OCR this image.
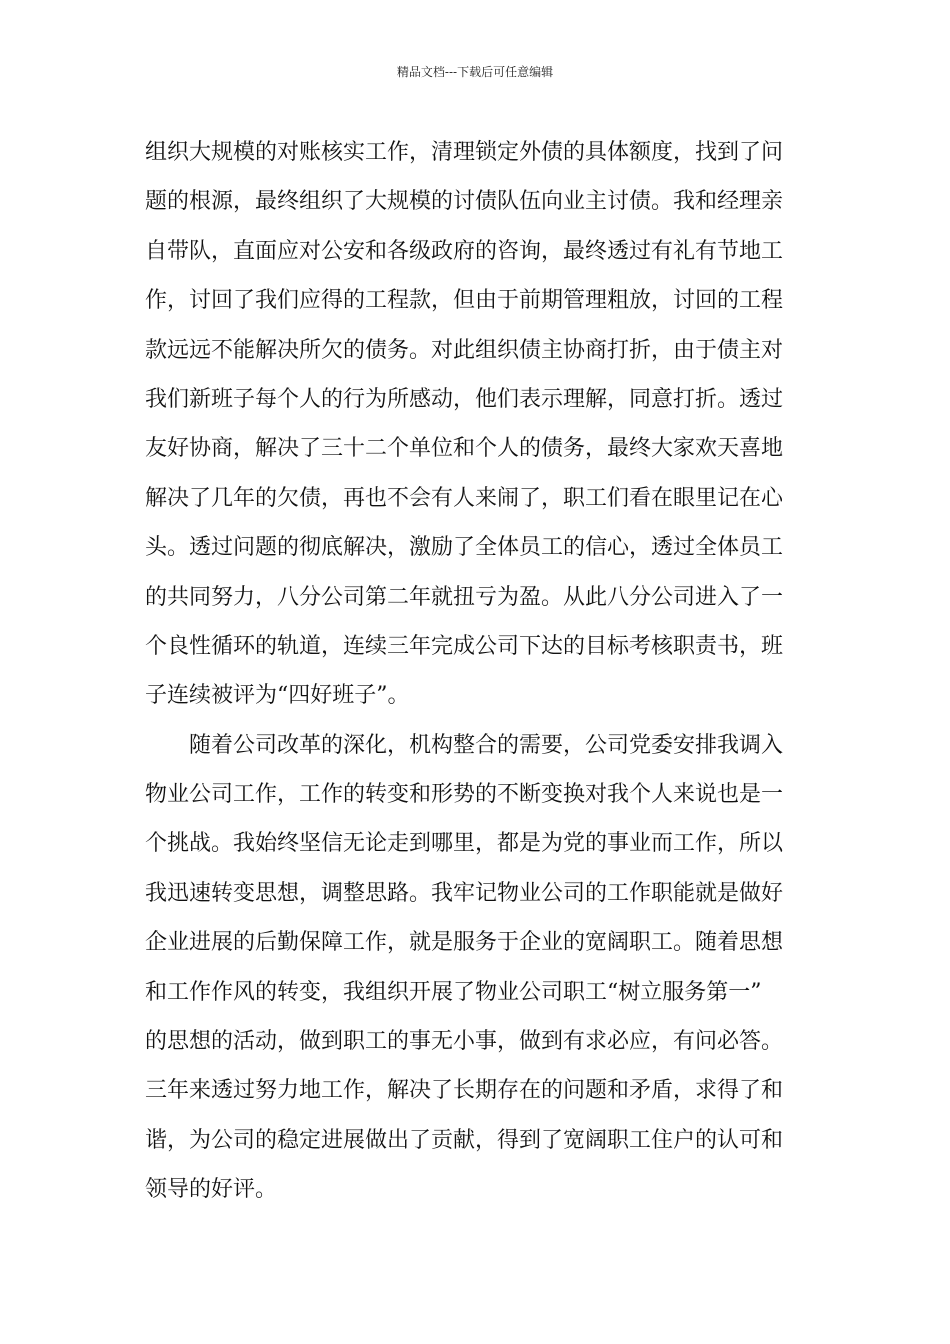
精品文档---下载后可任意编辑
组织大规模的对账核实工作，清理锁定外债的具体额度，找到了问
题的根源，最终组织了大规模的讨债队伍向业主讨债。我和经理亲
自带队，直面应对公安和各级政府的咨询，最终透过有礼有节地工
作，讨回了我们应得的工程款，但由于前期管理粗放，讨回的工程
款远远不能解决所欠的债务。对此组织债主协商打折，由于债主对
我们新班子每个人的行为所感动，他们表示理解，同意打折。透过
友好协商，解决了三十二个单位和个人的债务，最终大家欢天喜地
解决了几年的欠债，再也不会有人来闹了，职工们看在眼里记在心
头。透过问题的彻底解决，激励了全体员工的信心，透过全体员工
的共同努力，八分公司第二年就扭亏为盈。从此八分公司进入了一
个良性循环的轨道，连续三年完成公司下达的目标考核职责书，班
子连续被评为“四好班子”。
随着公司改革的深化，机构整合的需要，公司党委安排我调入
物业公司工作，工作的转变和形势的不断变换对我个人来说也是一
个挑战。我始终坚信无论走到哪里，都是为党的事业而工作，所以
我迅速转变思想，调整思路。我牢记物业公司的工作职能就是做好
企业进展的后勤保障工作，就是服务于企业的宽阔职工。随着思想
和工作作风的转变，我组织开展了物业公司职工“树立服务第一”
的思想的活动，做到职工的事无小事，做到有求必应，有问必答。
三年来透过努力地工作，解决了长期存在的问题和矛盾，求得了和
谐，为公司的稳定进展做出了贡献，得到了宽阔职工住户的认可和
领导的好评。
